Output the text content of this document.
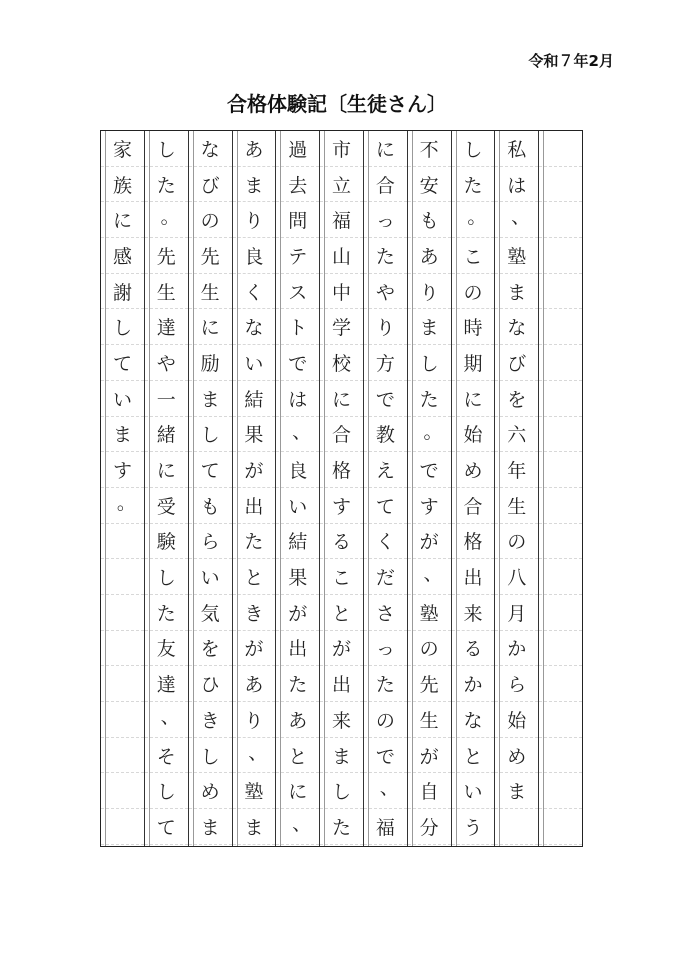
令和７年2月
合格体験記〔生徒さん〕
私
は
、
塾
ま
な
び
を
六
年
生
の
八
月
か
ら
始
め
ま
し
た
。
こ
の
時
期
に
始
め
合
格
出
来
る
か
な
と
い
う
不
安
も
あ
り
ま
し
た
。
で
す
が
、
塾
の
先
生
が
自
分
に
合
っ
た
や
り
方
で
教
え
て
く
だ
さ
っ
た
の
で
、
福
市
立
福
山
中
学
校
に
合
格
す
る
こ
と
が
出
来
ま
し
た
過
去
問
テ
ス
ト
で
は
、
良
い
結
果
が
出
た
あ
と
に
、
あ
ま
り
良
く
な
い
結
果
が
出
た
と
き
が
あ
り
、
塾
ま
な
び
の
先
生
に
励
ま
し
て
も
ら
い
気
を
ひ
き
し
め
ま
し
た
。
先
生
達
や
一
緒
に
受
験
し
た
友
達
、
そ
し
て
家
族
に
感
謝
し
て
い
ま
す
。
